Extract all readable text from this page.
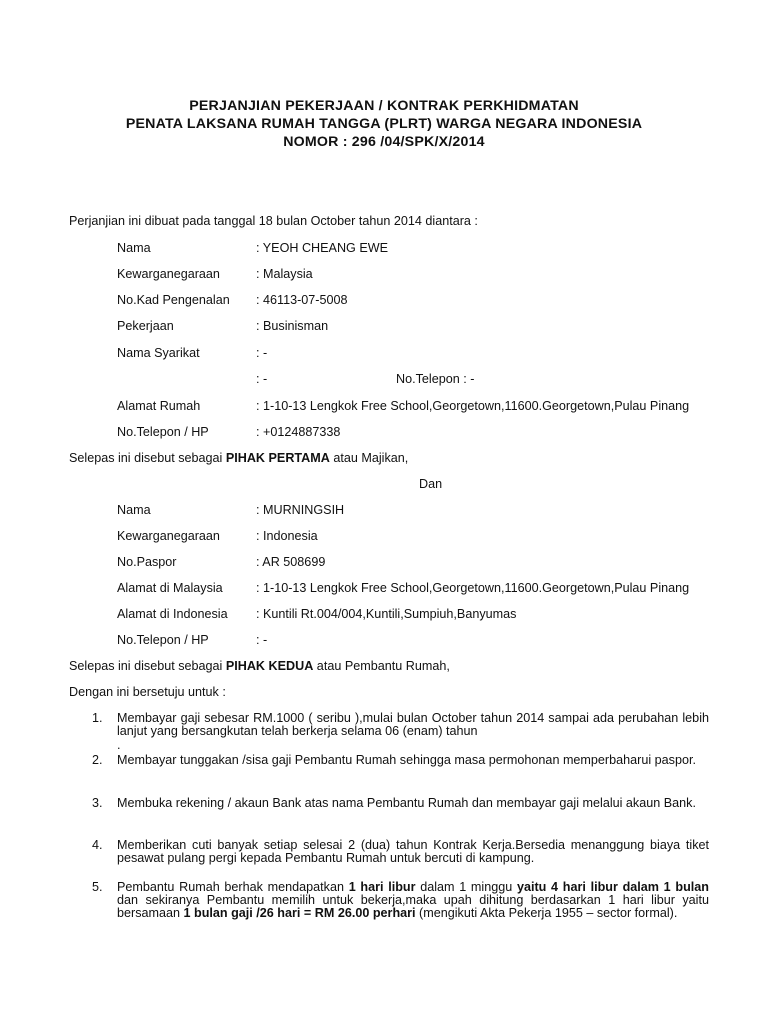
PERJANJIAN PEKERJAAN / KONTRAK PERKHIDMATAN
PENATA LAKSANA RUMAH TANGGA (PLRT) WARGA NEGARA INDONESIA
NOMOR : 296 /04/SPK/X/2014
Perjanjian ini dibuat pada tanggal 18 bulan October tahun 2014 diantara :
Nama	: YEOH CHEANG EWE
Kewarganegaraan	: Malaysia
No.Kad Pengenalan : 46113-07-5008
Pekerjaan	: Businisman
Nama Syarikat	: -
: -	No.Telepon : -
Alamat Rumah	: 1-10-13 Lengkok Free School,Georgetown,11600.Georgetown,Pulau Pinang
No.Telepon / HP	: +0124887338
Selepas ini disebut sebagai PIHAK PERTAMA atau Majikan,
Dan
Nama	: MURNINGSIH
Kewarganegaraan	: Indonesia
No.Paspor	: AR 508699
Alamat di Malaysia	: 1-10-13 Lengkok Free School,Georgetown,11600.Georgetown,Pulau Pinang
Alamat di Indonesia : Kuntili Rt.004/004,Kuntili,Sumpiuh,Banyumas
No.Telepon / HP	: -
Selepas ini disebut sebagai PIHAK KEDUA atau Pembantu Rumah,
Dengan ini bersetuju untuk :
1. Membayar gaji sebesar RM.1000 ( seribu ),mulai bulan October tahun 2014 sampai ada perubahan lebih lanjut yang bersangkutan telah berkerja selama 06 (enam) tahun
.
2. Membayar tunggakan /sisa gaji Pembantu Rumah sehingga masa permohonan memperbaharui paspor.
3. Membuka rekening / akaun Bank atas nama Pembantu Rumah dan membayar gaji melalui akaun Bank.
4. Memberikan cuti banyak setiap selesai 2 (dua) tahun Kontrak Kerja.Bersedia menanggung biaya tiket pesawat pulang pergi kepada Pembantu Rumah untuk bercuti di kampung.
5. Pembantu Rumah berhak mendapatkan 1 hari libur dalam 1 minggu yaitu 4 hari libur dalam 1 bulan dan sekiranya Pembantu memilih untuk bekerja,maka upah dihitung berdasarkan 1 hari libur yaitu bersamaan 1 bulan gaji /26 hari = RM 26.00 perhari (mengikuti Akta Pekerja 1955 – sector formal).
